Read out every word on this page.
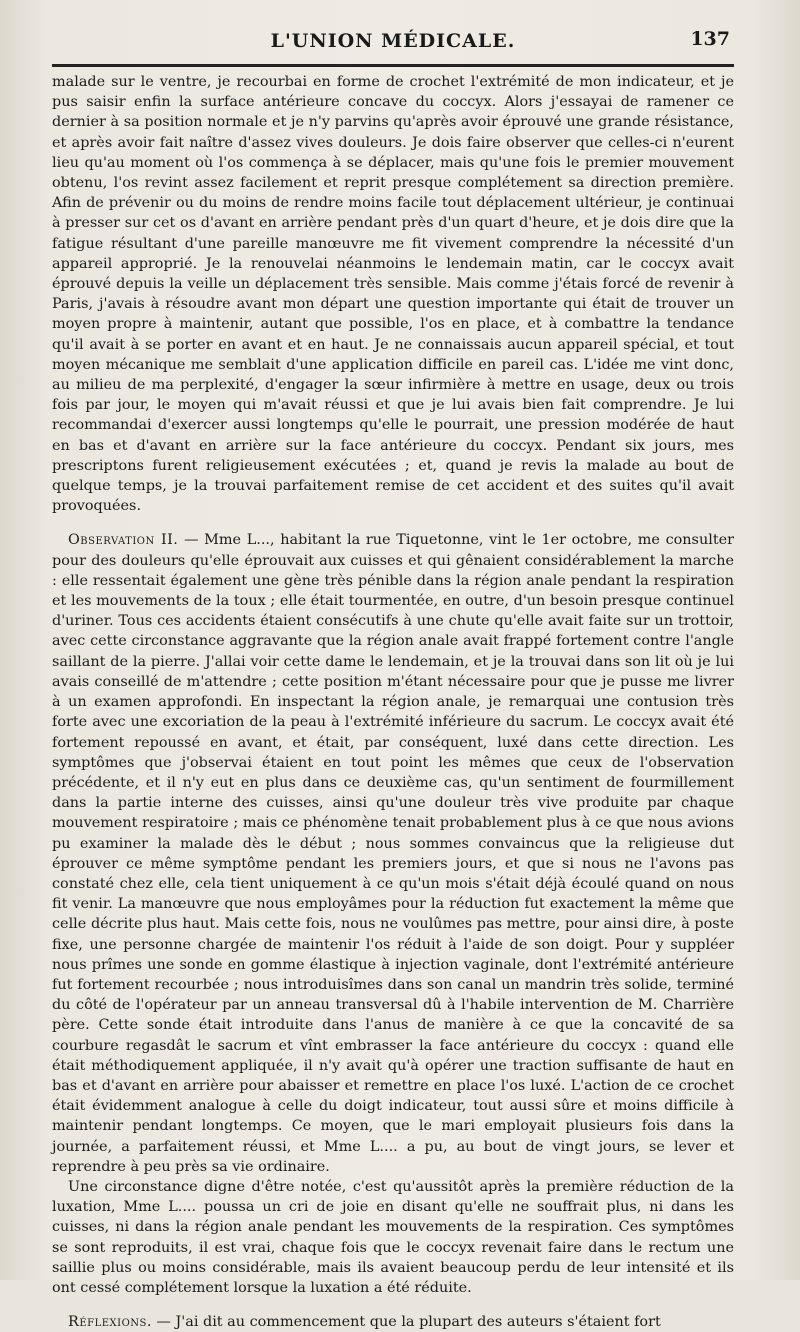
L'UNION MÉDICALE.	137

malade sur le ventre, je recourbai en forme de crochet l'extrémité de mon indicateur, et je pus saisir enfin la surface antérieure concave du coccyx. Alors j'essayai de ramener ce dernier à sa position normale et je n'y parvins qu'après avoir éprouvé une grande résistance, et après avoir fait naître d'assez vives douleurs. Je dois faire observer que celles-ci n'eurent lieu qu'au moment où l'os commença à se déplacer, mais qu'une fois le premier mouvement obtenu, l'os revint assez facilement et reprit presque complétement sa direction première. Afin de prévenir ou du moins de rendre moins facile tout déplacement ultérieur, je continuai à presser sur cet os d'avant en arrière pendant près d'un quart d'heure, et je dois dire que la fatigue résultant d'une pareille manœuvre me fit vivement comprendre la nécessité d'un appareil approprié. Je la renouvelai néanmoins le lendemain matin, car le coccyx avait éprouvé depuis la veille un déplacement très sensible. Mais comme j'étais forcé de revenir à Paris, j'avais à résoudre avant mon départ une question importante qui était de trouver un moyen propre à maintenir, autant que possible, l'os en place, et à combattre la tendance qu'il avait à se porter en avant et en haut. Je ne connaissais aucun appareil spécial, et tout moyen mécanique me semblait d'une application difficile en pareil cas. L'idée me vint donc, au milieu de ma perplexité, d'engager la sœur infirmière à mettre en usage, deux ou trois fois par jour, le moyen qui m'avait réussi et que je lui avais bien fait comprendre. Je lui recommandai d'exercer aussi longtemps qu'elle le pourrait, une pression modérée de haut en bas et d'avant en arrière sur la face antérieure du coccyx. Pendant six jours, mes prescriptons furent religieusement exécutées ; et, quand je revis la malade au bout de quelque temps, je la trouvai parfaitement remise de cet accident et des suites qu'il avait provoquées.

Observation II. — Mme L..., habitant la rue Tiquetonne, vint le 1er octobre, me consulter pour des douleurs qu'elle éprouvait aux cuisses et qui gênaient considérablement la marche : elle ressentait également une gène très pénible dans la région anale pendant la respiration et les mouvements de la toux ; elle était tourmentée, en outre, d'un besoin presque continuel d'uriner. Tous ces accidents étaient consécutifs à une chute qu'elle avait faite sur un trottoir, avec cette circonstance aggravante que la région anale avait frappé fortement contre l'angle saillant de la pierre. J'allai voir cette dame le lendemain, et je la trouvai dans son lit où je lui avais conseillé de m'attendre ; cette position m'étant nécessaire pour que je pusse me livrer à un examen approfondi. En inspectant la région anale, je remarquai une contusion très forte avec une excoriation de la peau à l'extrémité inférieure du sacrum. Le coccyx avait été fortement repoussé en avant, et était, par conséquent, luxé dans cette direction. Les symptômes que j'observai étaient en tout point les mêmes que ceux de l'observation précédente, et il n'y eut en plus dans ce deuxième cas, qu'un sentiment de fourmillement dans la partie interne des cuisses, ainsi qu'une douleur très vive produite par chaque mouvement respiratoire ; mais ce phénomène tenait probablement plus à ce que nous avions pu examiner la malade dès le début ; nous sommes convaincus que la religieuse dut éprouver ce même symptôme pendant les premiers jours, et que si nous ne l'avons pas constaté chez elle, cela tient uniquement à ce qu'un mois s'était déjà écoulé quand on nous fit venir. La manœuvre que nous employâmes pour la réduction fut exactement la même que celle décrite plus haut. Mais cette fois, nous ne voulûmes pas mettre, pour ainsi dire, à poste fixe, une personne chargée de maintenir l'os réduit à l'aide de son doigt. Pour y suppléer nous prîmes une sonde en gomme élastique à injection vaginale, dont l'extrémité antérieure fut fortement recourbée ; nous introduisîmes dans son canal un mandrin très solide, terminé du côté de l'opérateur par un anneau transversal dû à l'habile intervention de M. Charrière père. Cette sonde était introduite dans l'anus de manière à ce que la concavité de sa courbure regasdât le sacrum et vînt embrasser la face antérieure du coccyx : quand elle était méthodiquement appliquée, il n'y avait qu'à opérer une traction suffisante de haut en bas et d'avant en arrière pour abaisser et remettre en place l'os luxé. L'action de ce crochet était évidemment analogue à celle du doigt indicateur, tout aussi sûre et moins difficile à maintenir pendant longtemps. Ce moyen, que le mari employait plusieurs fois dans la journée, a parfaitement réussi, et Mme L.... a pu, au bout de vingt jours, se lever et reprendre à peu près sa vie ordinaire.

Une circonstance digne d'être notée, c'est qu'aussitôt après la première réduction de la luxation, Mme L.... poussa un cri de joie en disant qu'elle ne souffrait plus, ni dans les cuisses, ni dans la région anale pendant les mouvements de la respiration. Ces symptômes se sont reproduits, il est vrai, chaque fois que le coccyx revenait faire dans le rectum une saillie plus ou moins considérable, mais ils avaient beaucoup perdu de leur intensité et ils ont cessé complétement lorsque la luxation a été réduite.

Réflexions. — J'ai dit au commencement que la plupart des auteurs s'étaient fort
